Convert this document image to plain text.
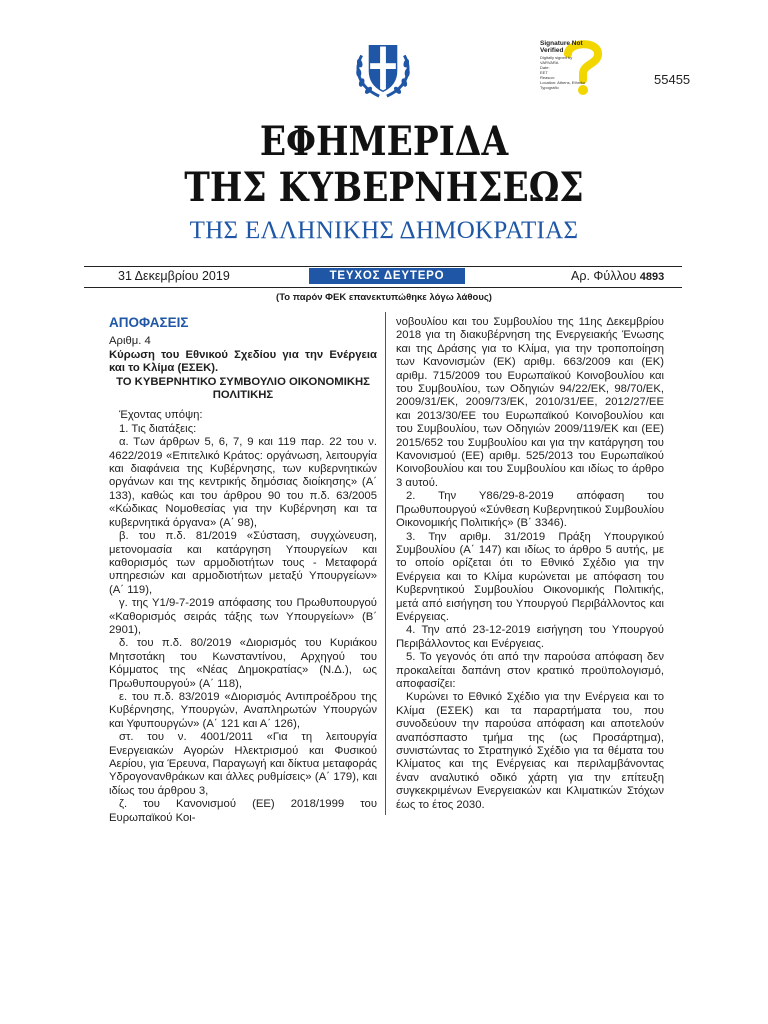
Signature Not
Verified
Digitally signed by
VARVARA
Date:
EET
Reason:
Location: Athens, Ethniko
Typografio
55455
ΕΦΗΜΕΡΙΔΑ
ΤΗΣ ΚΥΒΕΡΝΗΣΕΩΣ
ΤΗΣ ΕΛΛΗΝΙΚΗΣ ΔΗΜΟΚΡΑΤΙΑΣ
31 Δεκεμβρίου 2019	ΤΕΥΧΟΣ ΔΕΥΤΕΡΟ	Αρ. Φύλλου 4893
(Το παρόν ΦΕΚ επανεκτυπώθηκε λόγω λάθους)
ΑΠΟΦΑΣΕΙΣ

Αριθμ. 4

Κύρωση του Εθνικού Σχεδίου για την Ενέργεια και το Κλίμα (ΕΣΕΚ).

ΤΟ ΚΥΒΕΡΝΗΤΙΚΟ ΣΥΜΒΟΥΛΙΟ ΟΙΚΟΝΟΜΙΚΗΣ ΠΟΛΙΤΙΚΗΣ

Έχοντας υπόψη:

1. Τις διατάξεις:

α. Των άρθρων 5, 6, 7, 9 και 119 παρ. 22 του ν. 4622/2019 «Επιτελικό Κράτος: οργάνωση, λειτουργία και διαφάνεια της Κυβέρνησης, των κυβερνητικών οργάνων και της κεντρικής δημόσιας διοίκησης» (Α΄ 133), καθώς και του άρθρου 90 του π.δ. 63/2005 «Κώδικας Νομοθεσίας για την Κυβέρνηση και τα κυβερνητικά όργανα» (Α΄ 98),

β. του π.δ. 81/2019 «Σύσταση, συγχώνευση, μετονομασία και κατάργηση Υπουργείων και καθορισμός των αρμοδιοτήτων τους - Μεταφορά υπηρεσιών και αρμοδιοτήτων μεταξύ Υπουργείων» (Α΄ 119),

γ. της Υ1/9-7-2019 απόφασης του Πρωθυπουργού «Καθορισμός σειράς τάξης των Υπουργείων» (Β΄ 2901),

δ. του π.δ. 80/2019 «Διορισμός του Κυριάκου Μητσοτάκη του Κωνσταντίνου, Αρχηγού του Κόμματος της «Νέας Δημοκρατίας» (Ν.Δ.), ως Πρωθυπουργού» (Α΄ 118),

ε. του π.δ. 83/2019 «Διορισμός Αντιπροέδρου της Κυβέρνησης, Υπουργών, Αναπληρωτών Υπουργών και Υφυπουργών» (Α΄ 121 και Α΄ 126),

στ. του ν. 4001/2011 «Για τη λειτουργία Ενεργειακών Αγορών Ηλεκτρισμού και Φυσικού Αερίου, για Έρευνα, Παραγωγή και δίκτυα μεταφοράς Υδρογονανθράκων και άλλες ρυθμίσεις» (Α΄ 179), και ιδίως του άρθρου 3,

ζ. του Κανονισμού (ΕΕ) 2018/1999 του Ευρωπαϊκού Κοι-

νοβουλίου και του Συμβουλίου της 11ης Δεκεμβρίου 2018 για τη διακυβέρνηση της Ενεργειακής Ένωσης και της Δράσης για το Κλίμα, για την τροποποίηση των Κανονισμών (ΕΚ) αριθμ. 663/2009 και (ΕΚ) αριθμ. 715/2009 του Ευρωπαϊκού Κοινοβουλίου και του Συμβουλίου, των Οδηγιών 94/22/ΕΚ, 98/70/ΕΚ, 2009/31/ΕΚ, 2009/73/ΕΚ, 2010/31/ΕΕ, 2012/27/ΕΕ και 2013/30/ΕΕ του Ευρωπαϊκού Κοινοβουλίου και του Συμβουλίου, των Οδηγιών 2009/119/ΕΚ και (ΕΕ) 2015/652 του Συμβουλίου και για την κατάργηση του Κανονισμού (ΕΕ) αριθμ. 525/2013 του Ευρωπαϊκού Κοινοβουλίου και του Συμβουλίου και ιδίως το άρθρο 3 αυτού.

2. Την Υ86/29-8-2019 απόφαση του Πρωθυπουργού «Σύνθεση Κυβερνητικού Συμβουλίου Οικονομικής Πολιτικής» (Β΄ 3346).

3. Την αριθμ. 31/2019 Πράξη Υπουργικού Συμβουλίου (Α΄ 147) και ιδίως το άρθρο 5 αυτής, με το οποίο ορίζεται ότι το Εθνικό Σχέδιο για την Ενέργεια και το Κλίμα κυρώνεται με απόφαση του Κυβερνητικού Συμβουλίου Οικονομικής Πολιτικής, μετά από εισήγηση του Υπουργού Περιβάλλοντος και Ενέργειας.

4. Την από 23-12-2019 εισήγηση του Υπουργού Περιβάλλοντος και Ενέργειας.

5. Το γεγονός ότι από την παρούσα απόφαση δεν προκαλείται δαπάνη στον κρατικό προϋπολογισμό, αποφασίζει:

Κυρώνει το Εθνικό Σχέδιο για την Ενέργεια και το Κλίμα (ΕΣΕΚ) και τα παραρτήματα του, που συνοδεύουν την παρούσα απόφαση και αποτελούν αναπόσπαστο τμήμα της (ως Προσάρτημα), συνιστώντας το Στρατηγικό Σχέδιο για τα θέματα του Κλίματος και της Ενέργειας και περιλαμβάνοντας έναν αναλυτικό οδικό χάρτη για την επίτευξη συγκεκριμένων Ενεργειακών και Κλιματικών Στόχων έως το έτος 2030.
